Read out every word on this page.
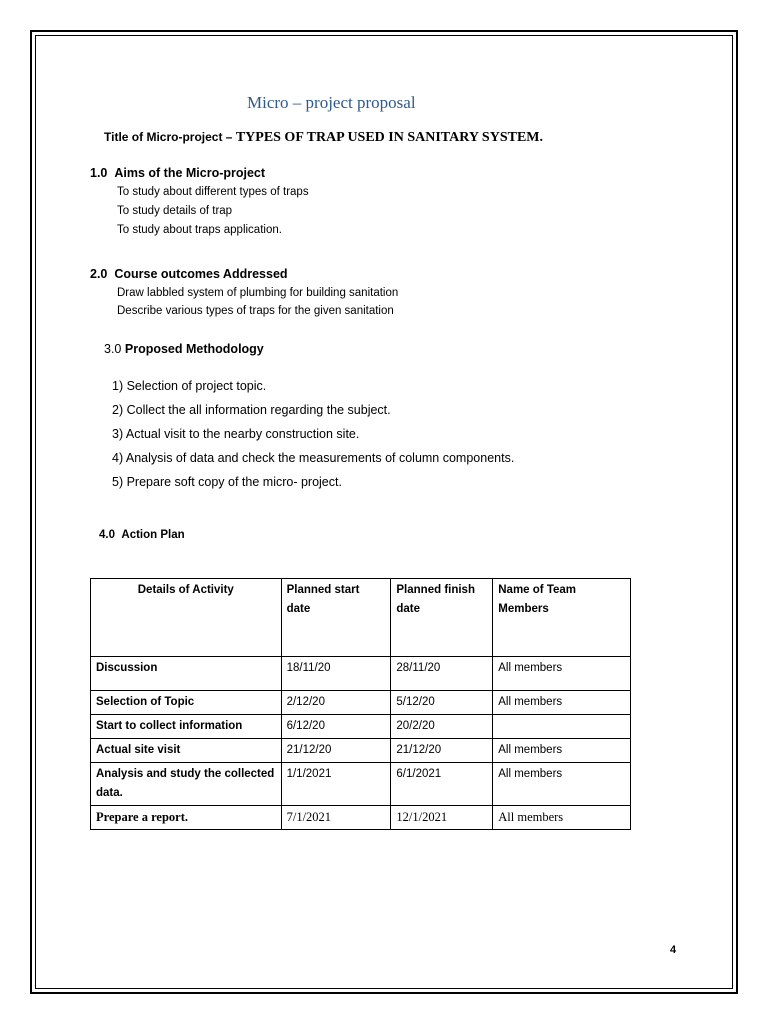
Micro – project proposal
Title of Micro-project – TYPES OF TRAP USED IN SANITARY SYSTEM.
1.0 Aims of the Micro-project
To study about different types of traps
To study details of trap
To study about traps application.
2.0 Course outcomes Addressed
Draw labbled system of plumbing for building sanitation
Describe various types of traps for the given sanitation
3.0 Proposed Methodology
1) Selection of project topic.
2) Collect the all information regarding the subject.
3) Actual visit to the nearby construction site.
4) Analysis of data and check the measurements of column components.
5) Prepare soft copy of the micro- project.
4.0 Action Plan
Details of Activity	Planned start date	Planned finish date	Name of Team Members
Discussion	18/11/20	28/11/20	All members
Selection of Topic	2/12/20	5/12/20	All members
Start to collect information	6/12/20	20/2/20	
Actual site visit	21/12/20	21/12/20	All members
Analysis and study the collected data.	1/1/2021	6/1/2021	All members
Prepare a report.	7/1/2021	12/1/2021	All members
4
